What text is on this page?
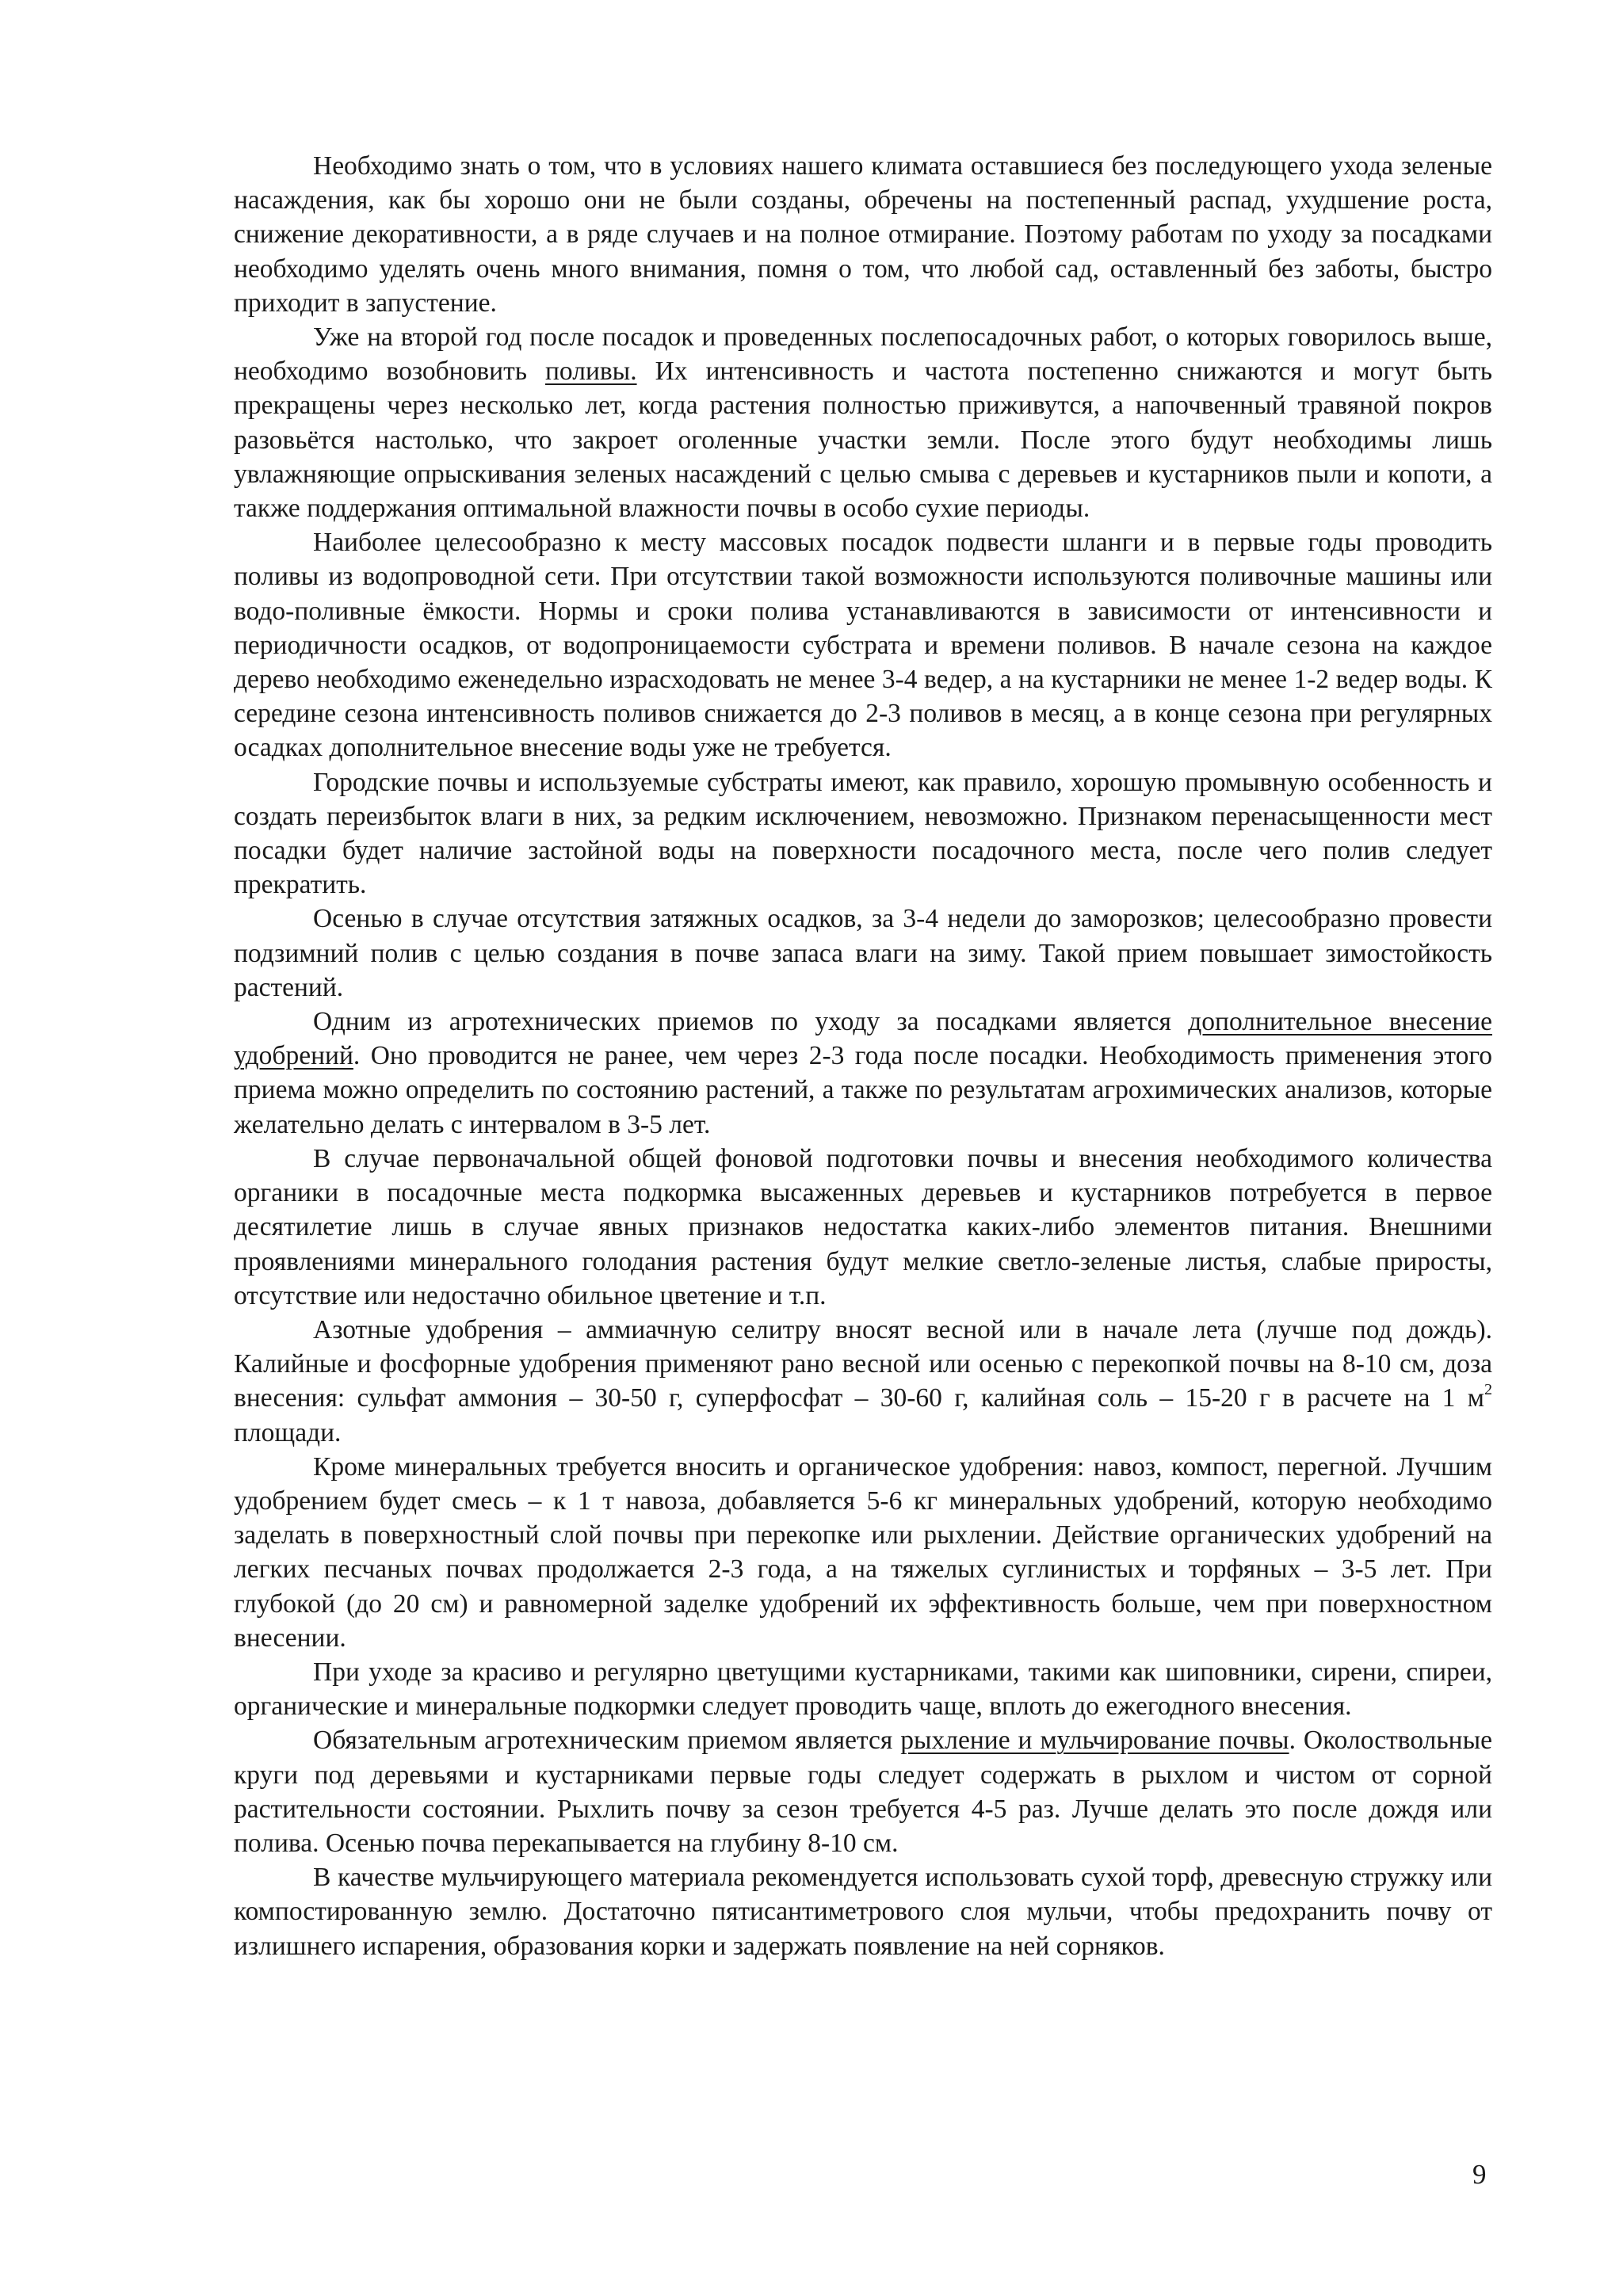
Необходимо знать о том, что в условиях нашего климата оставшиеся без последующего ухода зеленые насаждения, как бы хорошо они не были созданы, обречены на постепенный распад, ухудшение роста, снижение декоративности, а в ряде случаев и на полное отмирание. Поэтому работам по уходу за посадками необходимо уделять очень много внимания, помня о том, что любой сад, оставленный без заботы, быстро приходит в запустение.

Уже на второй год после посадок и проведенных послепосадочных работ, о которых говорилось выше, необходимо возобновить поливы. Их интенсивность и частота постепенно снижаются и могут быть прекращены через несколько лет, когда растения полностью приживутся, а напочвенный травяной покров разовьётся настолько, что закроет оголенные участки земли. После этого будут необходимы лишь увлажняющие опрыскивания зеленых насаждений с целью смыва с деревьев и кустарников пыли и копоти, а также поддержания оптимальной влажности почвы в особо сухие периоды.

Наиболее целесообразно к месту массовых посадок подвести шланги и в первые годы проводить поливы из водопроводной сети. При отсутствии такой возможности используются поливочные машины или водо-поливные ёмкости. Нормы и сроки полива устанавливаются в зависимости от интенсивности и периодичности осадков, от водопроницаемости субстрата и времени поливов. В начале сезона на каждое дерево необходимо еженедельно израсходовать не менее 3-4 ведер, а на кустарники не менее 1-2 ведер воды. К середине сезона интенсивность поливов снижается до 2-3 поливов в месяц, а в конце сезона при регулярных осадках дополнительное внесение воды уже не требуется.

Городские почвы и используемые субстраты имеют, как правило, хорошую промывную особенность и создать переизбыток влаги в них, за редким исключением, невозможно. Признаком перенасыщенности мест посадки будет наличие застойной воды на поверхности посадочного места, после чего полив следует прекратить.

Осенью в случае отсутствия затяжных осадков, за 3-4 недели до заморозков; целесообразно провести подзимний полив с целью создания в почве запаса влаги на зиму. Такой прием повышает зимостойкость растений.

Одним из агротехнических приемов по уходу за посадками является дополнительное внесение удобрений. Оно проводится не ранее, чем через 2-3 года после посадки. Необходимость применения этого приема можно определить по состоянию растений, а также по результатам агрохимических анализов, которые желательно делать с интервалом в 3-5 лет.

В случае первоначальной общей фоновой подготовки почвы и внесения необходимого количества органики в посадочные места подкормка высаженных деревьев и кустарников потребуется в первое десятилетие лишь в случае явных признаков недостатка каких-либо элементов питания. Внешними проявлениями минерального голодания растения будут мелкие светло-зеленые листья, слабые приросты, отсутствие или недостачно обильное цветение и т.п.

Азотные удобрения – аммиачную селитру вносят весной или в начале лета (лучше под дождь). Калийные и фосфорные удобрения применяют рано весной или осенью с перекопкой почвы на 8-10 см, доза внесения: сульфат аммония – 30-50 г, суперфосфат – 30-60 г, калийная соль – 15-20 г в расчете на 1 $м^2$ площади.

Кроме минеральных требуется вносить и органическое удобрения: навоз, компост, перегной. Лучшим удобрением будет смесь – к 1 т навоза, добавляется 5-6 кг минеральных удобрений, которую необходимо заделать в поверхностный слой почвы при перекопке или рыхлении. Действие органических удобрений на легких песчаных почвах продолжается 2-3 года, а на тяжелых суглинистых и торфяных – 3-5 лет. При глубокой (до 20 см) и равномерной заделке удобрений их эффективность больше, чем при поверхностном внесении.

При уходе за красиво и регулярно цветущими кустарниками, такими как шиповники, сирени, спиреи, органические и минеральные подкормки следует проводить чаще, вплоть до ежегодного внесения.

Обязательным агротехническим приемом является рыхление и мульчирование почвы. Околоствольные круги под деревьями и кустарниками первые годы следует содержать в рыхлом и чистом от сорной растительности состоянии. Рыхлить почву за сезон требуется 4-5 раз. Лучше делать это после дождя или полива. Осенью почва перекапывается на глубину 8-10 см.

В качестве мульчирующего материала рекомендуется использовать сухой торф, древесную стружку или компостированную землю. Достаточно пятисантиметрового слоя мульчи, чтобы предохранить почву от излишнего испарения, образования корки и задержать появление на ней сорняков.

9
